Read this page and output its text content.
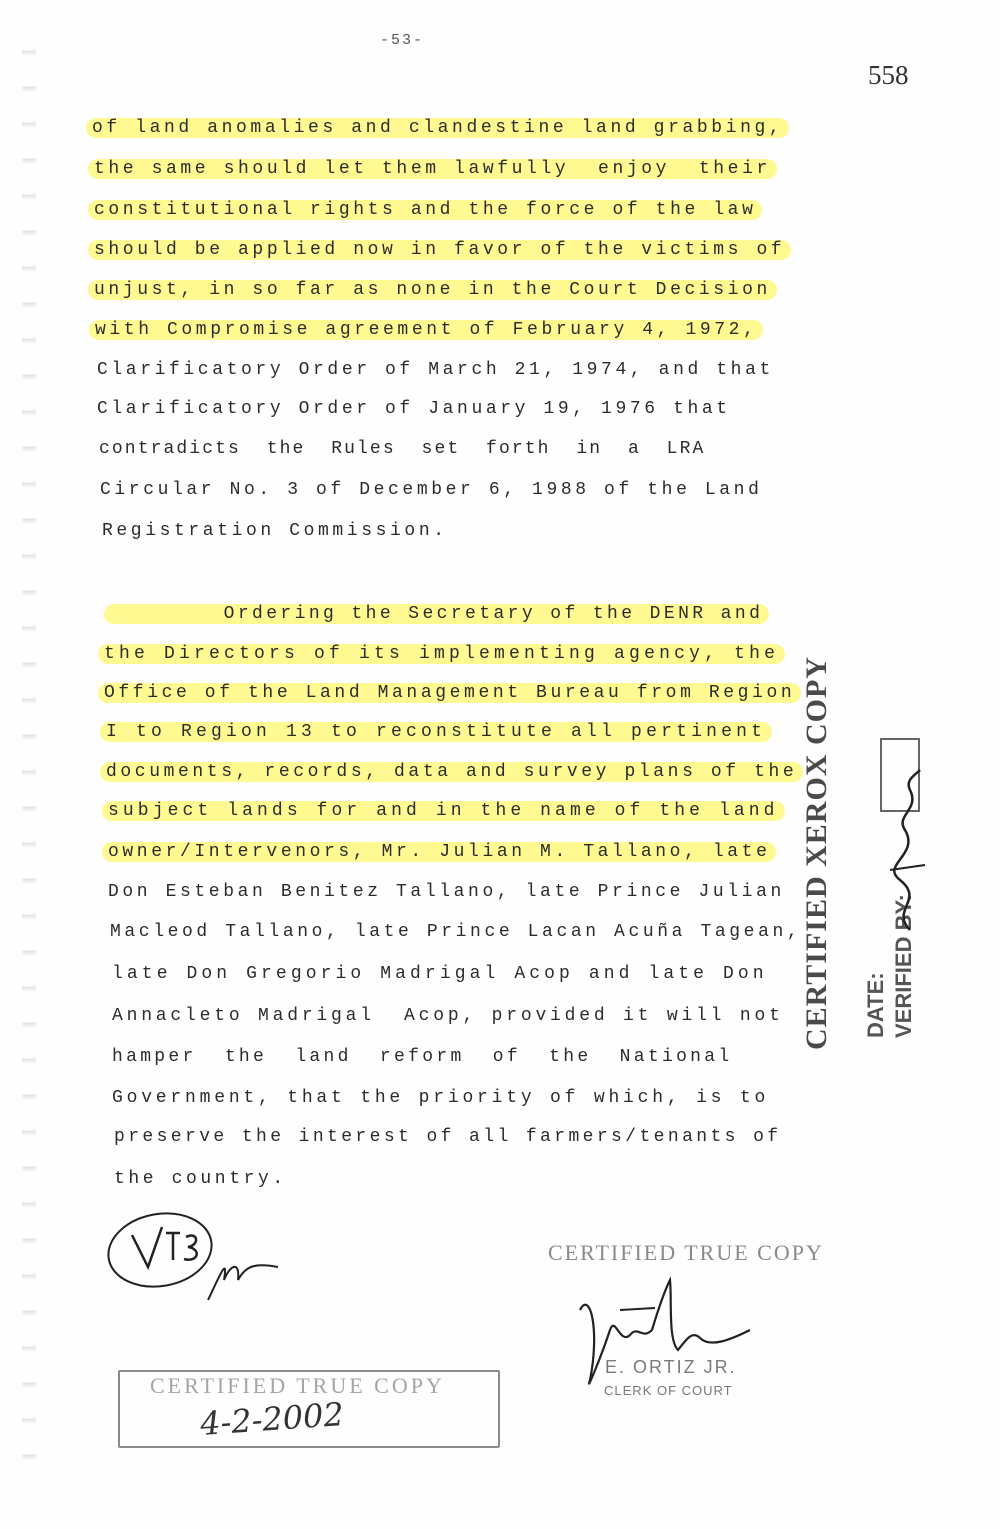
-53-
558
of land anomalies and clandestine land grabbing,
the same should let them lawfully  enjoy  their
constitutional rights and the force of the law
should be applied now in favor of the victims of
unjust, in so far as none in the Court Decision
with Compromise agreement of February 4, 1972,
Clarificatory Order of March 21, 1974, and that
Clarificatory Order of January 19, 1976 that
contradicts  the  Rules  set  forth  in  a  LRA
Circular No. 3 of December 6, 1988 of the Land
Registration Commission.
Ordering the Secretary of the DENR and
the Directors of its implementing agency, the
Office of the Land Management Bureau from Region
I to Region 13 to reconstitute all pertinent
documents, records, data and survey plans of the
subject lands for and in the name of the land
owner/Intervenors, Mr. Julian M. Tallano, late
Don Esteban Benitez Tallano, late Prince Julian
Macleod Tallano, late Prince Lacan Acuña Tagean,
late Don Gregorio Madrigal Acop and late Don
Annacleto Madrigal  Acop, provided it will not
hamper  the  land  reform  of  the  National
Government, that the priority of which, is to
preserve the interest of all farmers/tenants of
the country.
CERTIFIED XEROX COPY	DATE: VERIFIED BY:
CERTIFIED TRUE COPY
E. ORTIZ JR.
CLERK OF COURT
CERTIFIED TRUE COPY
4-2-2002
